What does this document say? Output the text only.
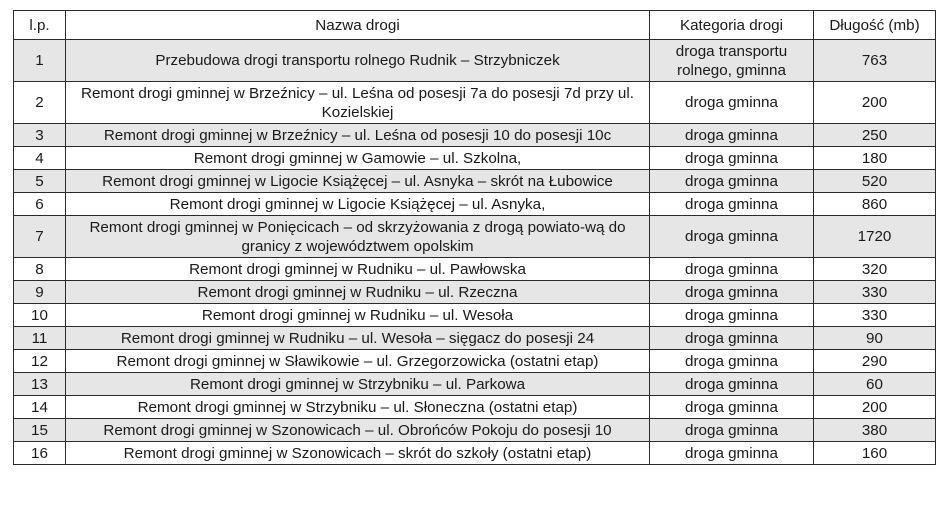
l.p.	Nazwa drogi	Kategoria drogi	Długość (mb)
1	Przebudowa drogi transportu rolnego Rudnik – Strzybniczek	droga transportu rolnego, gminna	763
2	Remont drogi gminnej w Brzeźnicy – ul. Leśna od posesji 7a do posesji 7d przy ul. Kozielskiej	droga gminna	200
3	Remont drogi gminnej w Brzeźnicy – ul. Leśna od posesji 10 do posesji 10c	droga gminna	250
4	Remont drogi gminnej w Gamowie – ul. Szkolna,	droga gminna	180
5	Remont drogi gminnej w Ligocie Książęcej – ul. Asnyka – skrót na Łubowice	droga gminna	520
6	Remont drogi gminnej w Ligocie Książęcej – ul. Asnyka,	droga gminna	860
7	Remont drogi gminnej w Ponięcicach – od skrzyżowania z drogą powiato-wą do granicy z województwem opolskim	droga gminna	1720
8	Remont drogi gminnej w Rudniku – ul. Pawłowska	droga gminna	320
9	Remont drogi gminnej w Rudniku – ul. Rzeczna	droga gminna	330
10	Remont drogi gminnej w Rudniku – ul. Wesoła	droga gminna	330
11	Remont drogi gminnej w Rudniku – ul. Wesoła – sięgacz do posesji 24	droga gminna	90
12	Remont drogi gminnej w Sławikowie – ul. Grzegorzowicka (ostatni etap)	droga gminna	290
13	Remont drogi gminnej w Strzybniku – ul. Parkowa	droga gminna	60
14	Remont drogi gminnej w Strzybniku – ul. Słoneczna (ostatni etap)	droga gminna	200
15	Remont drogi gminnej w Szonowicach – ul. Obrońców Pokoju do posesji 10	droga gminna	380
16	Remont drogi gminnej w Szonowicach – skrót do szkoły (ostatni etap)	droga gminna	160
